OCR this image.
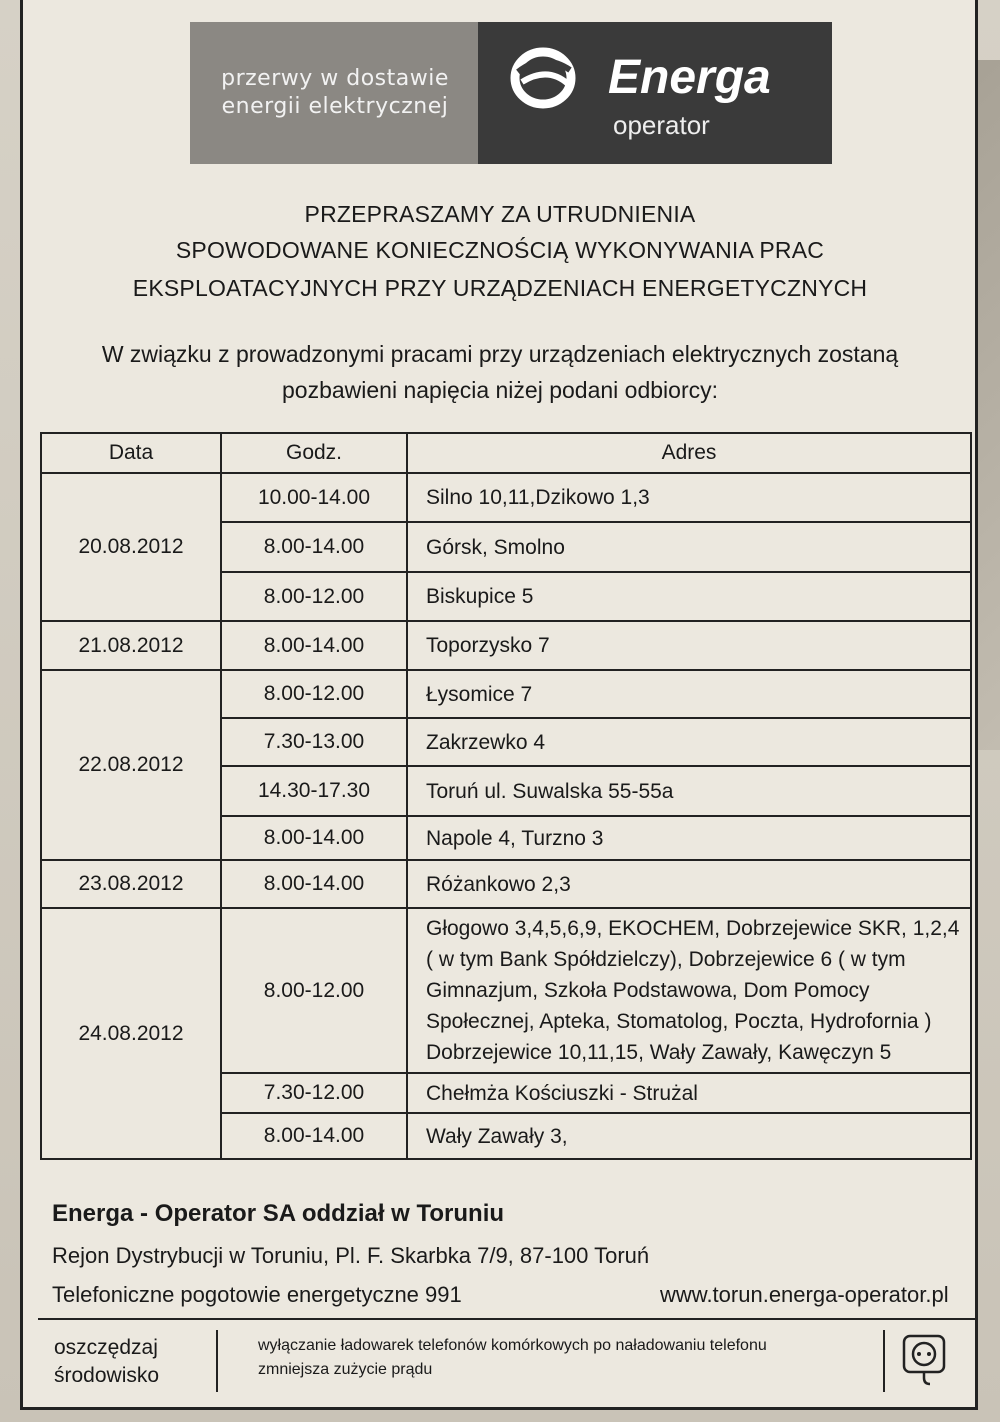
przerwy w dostawie
energii elektrycznej
Energa
operator
PRZEPRASZAMY ZA UTRUDNIENIA
SPOWODOWANE KONIECZNOŚCIĄ WYKONYWANIA PRAC
EKSPLOATACYJNYCH PRZY URZĄDZENIACH ENERGETYCZNYCH
W związku z prowadzonymi pracami przy urządzeniach elektrycznych zostaną
pozbawieni napięcia niżej podani odbiorcy:
Data	Godz.	Adres
20.08.2012	10.00-14.00	Silno 10,11,Dzikowo 1,3
	8.00-14.00	Górsk, Smolno
	8.00-12.00	Biskupice 5
21.08.2012	8.00-14.00	Toporzysko 7
22.08.2012	8.00-12.00	Łysomice 7
	7.30-13.00	Zakrzewko 4
	14.30-17.30	Toruń ul. Suwalska 55-55a
	8.00-14.00	Napole 4, Turzno 3
23.08.2012	8.00-14.00	Różankowo 2,3
24.08.2012	8.00-12.00	Głogowo 3,4,5,6,9, EKOCHEM, Dobrzejewice SKR, 1,2,4 ( w tym Bank Spółdzielczy), Dobrzejewice 6 ( w tym Gimnazjum, Szkoła Podstawowa, Dom Pomocy Społecznej, Apteka, Stomatolog, Poczta, Hydrofornia ) Dobrzejewice 10,11,15, Wały Zawały, Kawęczyn 5
	7.30-12.00	Chełmża Kościuszki - Strużal
	8.00-14.00	Wały Zawały 3,
Energa - Operator SA oddział w Toruniu
Rejon Dystrybucji w Toruniu, Pl. F. Skarbka 7/9, 87-100 Toruń
Telefoniczne pogotowie energetyczne 991	www.torun.energa-operator.pl
oszczędzaj
środowisko
wyłączanie ładowarek telefonów komórkowych po naładowaniu telefonu
zmniejsza zużycie prądu
